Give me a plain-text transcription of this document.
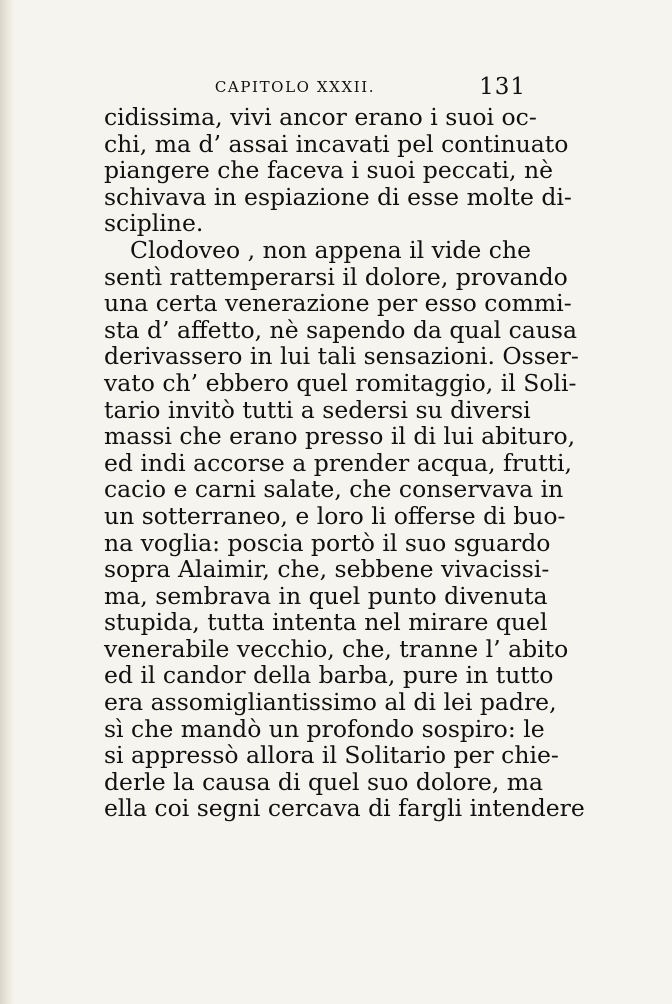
CAPITOLO XXXII.	131
cidissima, vivi ancor erano i suoi oc-
chi, ma d’ assai incavati pel continuato
piangere che faceva i suoi peccati, nè
schivava in espiazione di esse molte di-
scipline.
Clodoveo , non appena il vide che
sentì rattemperarsi il dolore, provando
una certa venerazione per esso commi-
sta d’ affetto, nè sapendo da qual causa
derivassero in lui tali sensazioni. Osser-
vato ch’ ebbero quel romitaggio, il Soli-
tario invitò tutti a sedersi su diversi
massi che erano presso il di lui abituro,
ed indi accorse a prender acqua, frutti,
cacio e carni salate, che conservava in
un sotterraneo, e loro li offerse di buo-
na voglia: poscia portò il suo sguardo
sopra Alaimir, che, sebbene vivacissi-
ma, sembrava in quel punto divenuta
stupida, tutta intenta nel mirare quel
venerabile vecchio, che, tranne l’ abito
ed il candor della barba, pure in tutto
era assomigliantissimo al di lei padre,
sì che mandò un profondo sospiro: le
si appressò allora il Solitario per chie-
derle la causa di quel suo dolore, ma
ella coi segni cercava di fargli intendere
